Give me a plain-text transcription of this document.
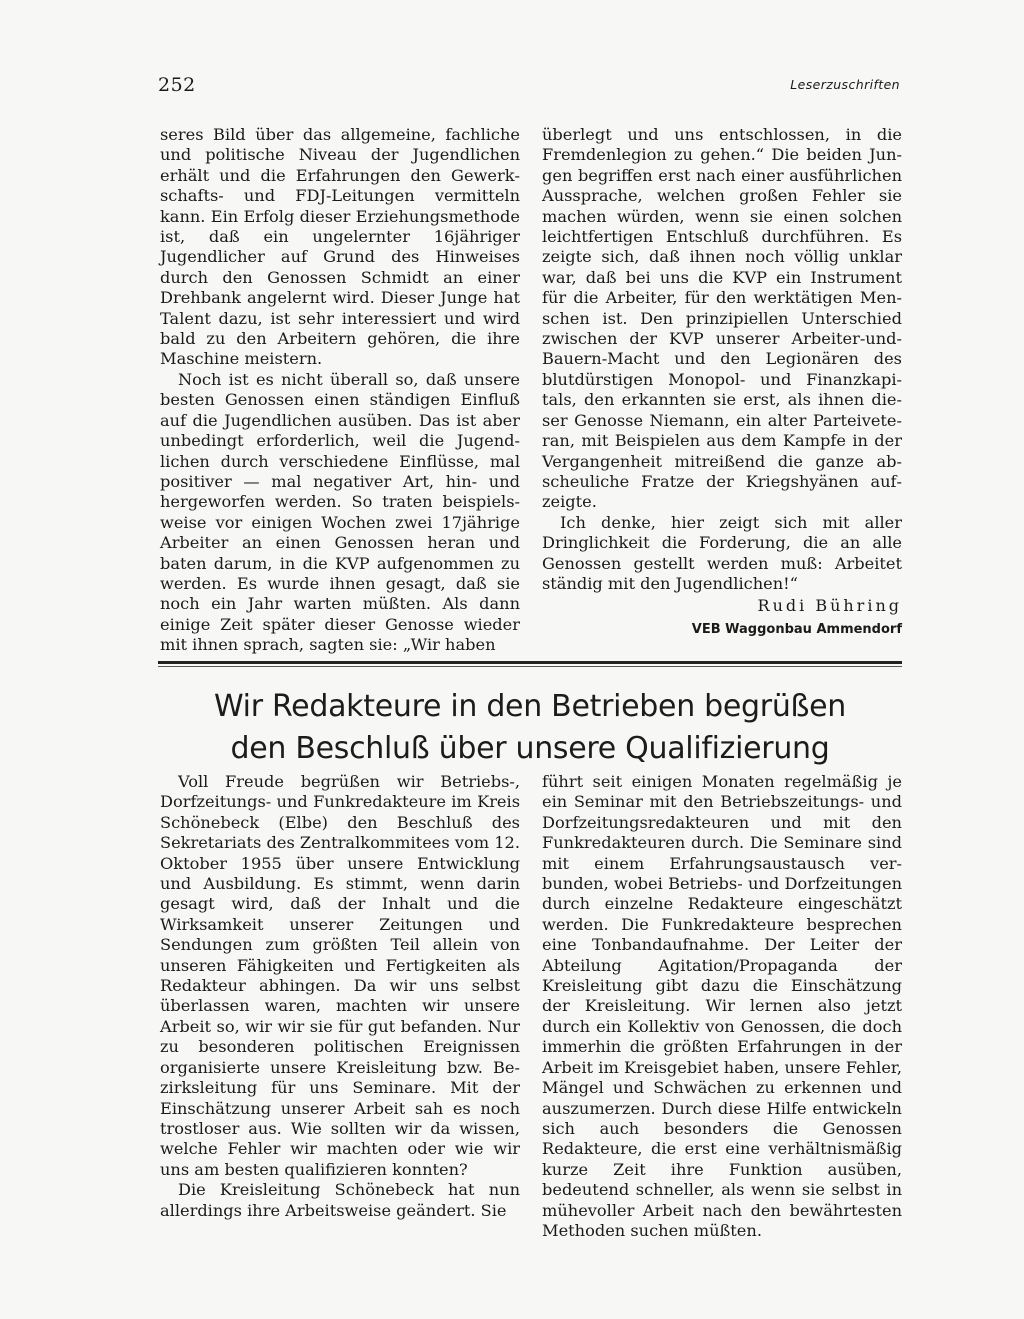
252	Leserzuschriften

seres Bild über das allgemeine, fachliche und politische Niveau der Jugendlichen erhält und die Erfahrungen den Gewerkschafts- und FDJ-Leitungen vermitteln kann. Ein Erfolg dieser Erziehungsmethode ist, daß ein ungelernter 16jähriger Jugendlicher auf Grund des Hinweises durch den Genossen Schmidt an einer Drehbank angelernt wird. Dieser Junge hat Talent dazu, ist sehr interessiert und wird bald zu den Arbeitern gehören, die ihre Maschine meistern.

Noch ist es nicht überall so, daß unsere besten Genossen einen ständigen Einfluß auf die Jugendlichen ausüben. Das ist aber unbedingt erforderlich, weil die Jugendlichen durch verschiedene Einflüsse, mal positiver — mal negativer Art, hin- und hergeworfen werden. So traten beispielsweise vor einigen Wochen zwei 17jährige Arbeiter an einen Genossen heran und baten darum, in die KVP aufgenommen zu werden. Es wurde ihnen gesagt, daß sie noch ein Jahr warten müßten. Als dann einige Zeit später dieser Genosse wieder mit ihnen sprach, sagten sie: „Wir haben

überlegt und uns entschlossen, in die Fremdenlegion zu gehen.“ Die beiden Jungen begriffen erst nach einer ausführlichen Aussprache, welchen großen Fehler sie machen würden, wenn sie einen solchen leichtfertigen Entschluß durchführen. Es zeigte sich, daß ihnen noch völlig unklar war, daß bei uns die KVP ein Instrument für die Arbeiter, für den werktätigen Menschen ist. Den prinzipiellen Unterschied zwischen der KVP unserer Arbeiter-und-Bauern-Macht und den Legionären des blutdürstigen Monopol- und Finanzkapitals, den erkannten sie erst, als ihnen dieser Genosse Niemann, ein alter Parteiveteran, mit Beispielen aus dem Kampfe in der Vergangenheit mitreißend die ganze abscheuliche Fratze der Kriegshyänen aufzeigte.

Ich denke, hier zeigt sich mit aller Dringlichkeit die Forderung, die an alle Genossen gestellt werden muß: Arbeitet ständig mit den Jugendlichen!“

Rudi Bühring
VEB Waggonbau Ammendorf
Wir Redakteure in den Betrieben begrüßen
den Beschluß über unsere Qualifizierung

Voll Freude begrüßen wir Betriebs-, Dorfzeitungs- und Funkredakteure im Kreis Schönebeck (Elbe) den Beschluß des Sekretariats des Zentralkommitees vom 12. Oktober 1955 über unsere Entwicklung und Ausbildung. Es stimmt, wenn darin gesagt wird, daß der Inhalt und die Wirksamkeit unserer Zeitungen und Sendungen zum größten Teil allein von unseren Fähigkeiten und Fertigkeiten als Redakteur abhingen. Da wir uns selbst überlassen waren, machten wir unsere Arbeit so, wir wir sie für gut befanden. Nur zu besonderen politischen Ereignissen organisierte unsere Kreisleitung bzw. Bezirksleitung für uns Seminare. Mit der Einschätzung unserer Arbeit sah es noch trostloser aus. Wie sollten wir da wissen, welche Fehler wir machten oder wie wir uns am besten qualifizieren konnten?

Die Kreisleitung Schönebeck hat nun allerdings ihre Arbeitsweise geändert. Sie

führt seit einigen Monaten regelmäßig je ein Seminar mit den Betriebszeitungs- und Dorfzeitungsredakteuren und mit den Funkredakteuren durch. Die Seminare sind mit einem Erfahrungsaustausch verbunden, wobei Betriebs- und Dorfzeitungen durch einzelne Redakteure eingeschätzt werden. Die Funkredakteure besprechen eine Tonbandaufnahme. Der Leiter der Abteilung Agitation/Propaganda der Kreisleitung gibt dazu die Einschätzung der Kreisleitung. Wir lernen also jetzt durch ein Kollektiv von Genossen, die doch immerhin die größten Erfahrungen in der Arbeit im Kreisgebiet haben, unsere Fehler, Mängel und Schwächen zu erkennen und auszumerzen. Durch diese Hilfe entwickeln sich auch besonders die Genossen Redakteure, die erst eine verhältnismäßig kurze Zeit ihre Funktion ausüben, bedeutend schneller, als wenn sie selbst in mühevoller Arbeit nach den bewährtesten Methoden suchen müßten.
